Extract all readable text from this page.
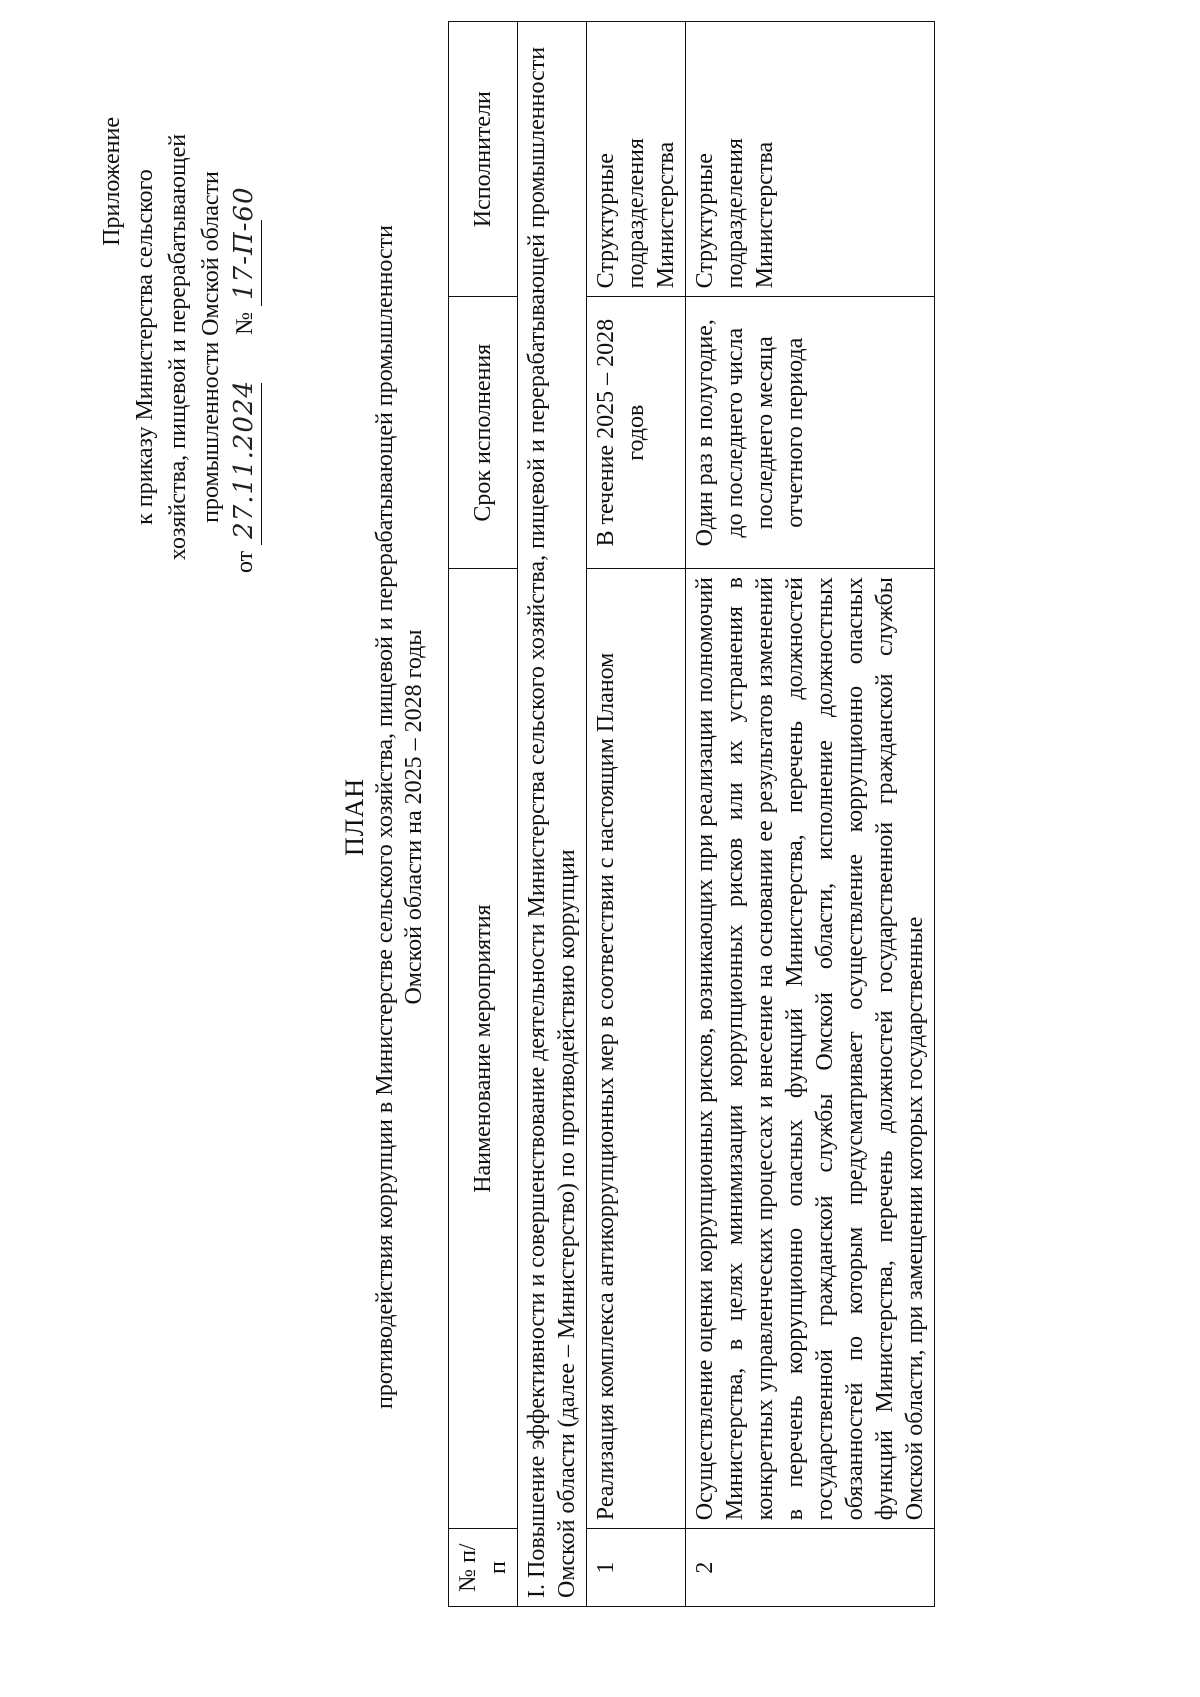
Приложение к приказу Министерства сельского хозяйства, пищевой и перерабатывающей промышленности Омской области
от 27.11.2024        № 17-П-60
ПЛАН противодействия коррупции в Министерстве сельского хозяйства, пищевой и перерабатывающей промышленности Омской области на 2025 – 2028 годы
№ п/п	Наименование мероприятия	Срок исполнения	Исполнители
I. Повышение эффективности и совершенствование деятельности Министерства сельского хозяйства, пищевой и перерабатывающей промышленности Омской области (далее – Министерство) по противодействию коррупции			
1	Реализация комплекса антикоррупционных мер в соответствии с настоящим Планом	В течение 2025 – 2028 годов	Структурные подразделения Министерства
2	Осуществление оценки коррупционных рисков, возникающих при реализации полномочий Министерства, в целях минимизации коррупционных рисков или их устранения в конкретных управленческих процессах и внесение на основании ее результатов изменений в перечень коррупционно опасных функций Министерства, перечень должностей государственной гражданской службы Омской области, исполнение должностных обязанностей по которым предусматривает осуществление коррупционно опасных функций Министерства, перечень должностей государственной гражданской службы Омской области, при замещении которых государственные	Один раз в полугодие, до последнего числа последнего месяца отчетного периода	Структурные подразделения Министерства
